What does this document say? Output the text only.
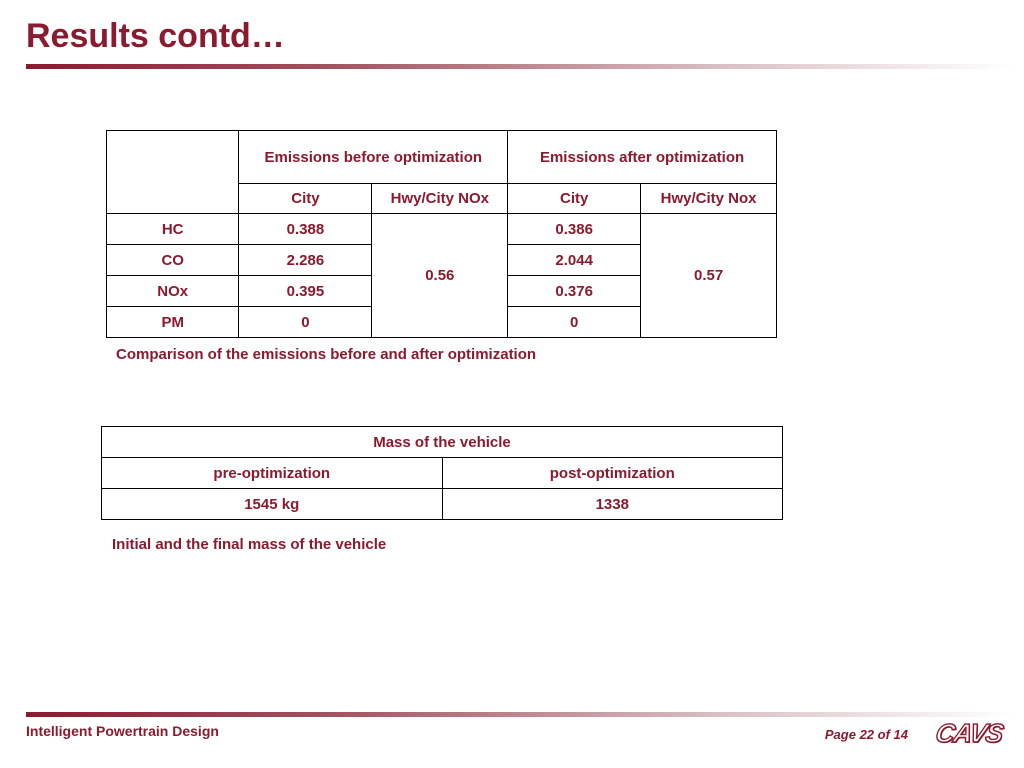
Results contd…
	Emissions before optimization		Emissions after optimization	
	City	Hwy/City NOx	City	Hwy/City Nox
HC	0.388	0.56	0.386	0.57
CO	2.286		2.044	
NOx	0.395		0.376	
PM	0		0	
Comparison of the emissions before and after optimization
Mass of the vehicle	
pre-optimization	post-optimization
1545 kg	1338
Initial and the final mass of the vehicle
Intelligent Powertrain Design	Page 22 of 14 CAVS
